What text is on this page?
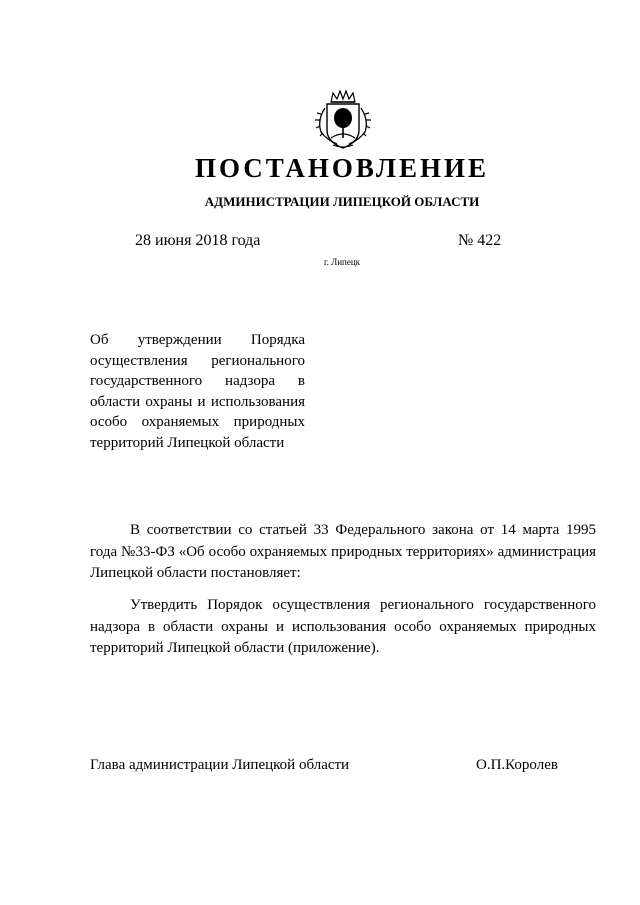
ПОСТАНОВЛЕНИЕ
АДМИНИСТРАЦИИ ЛИПЕЦКОЙ ОБЛАСТИ
28 июня 2018 года	№ 422
г. Липецк
Об утверждении Порядка осуществления регионального государственного надзора в области охраны и использования особо охраняемых природных территорий Липецкой области

В соответствии со статьей 33 Федерального закона от 14 марта 1995 года №33-ФЗ «Об особо охраняемых природных территориях» администрация Липецкой области постановляет:

Утвердить Порядок осуществления регионального государственного надзора в области охраны и использования особо охраняемых природных территорий Липецкой области (приложение).

Глава администрации Липецкой области	О.П.Королев
